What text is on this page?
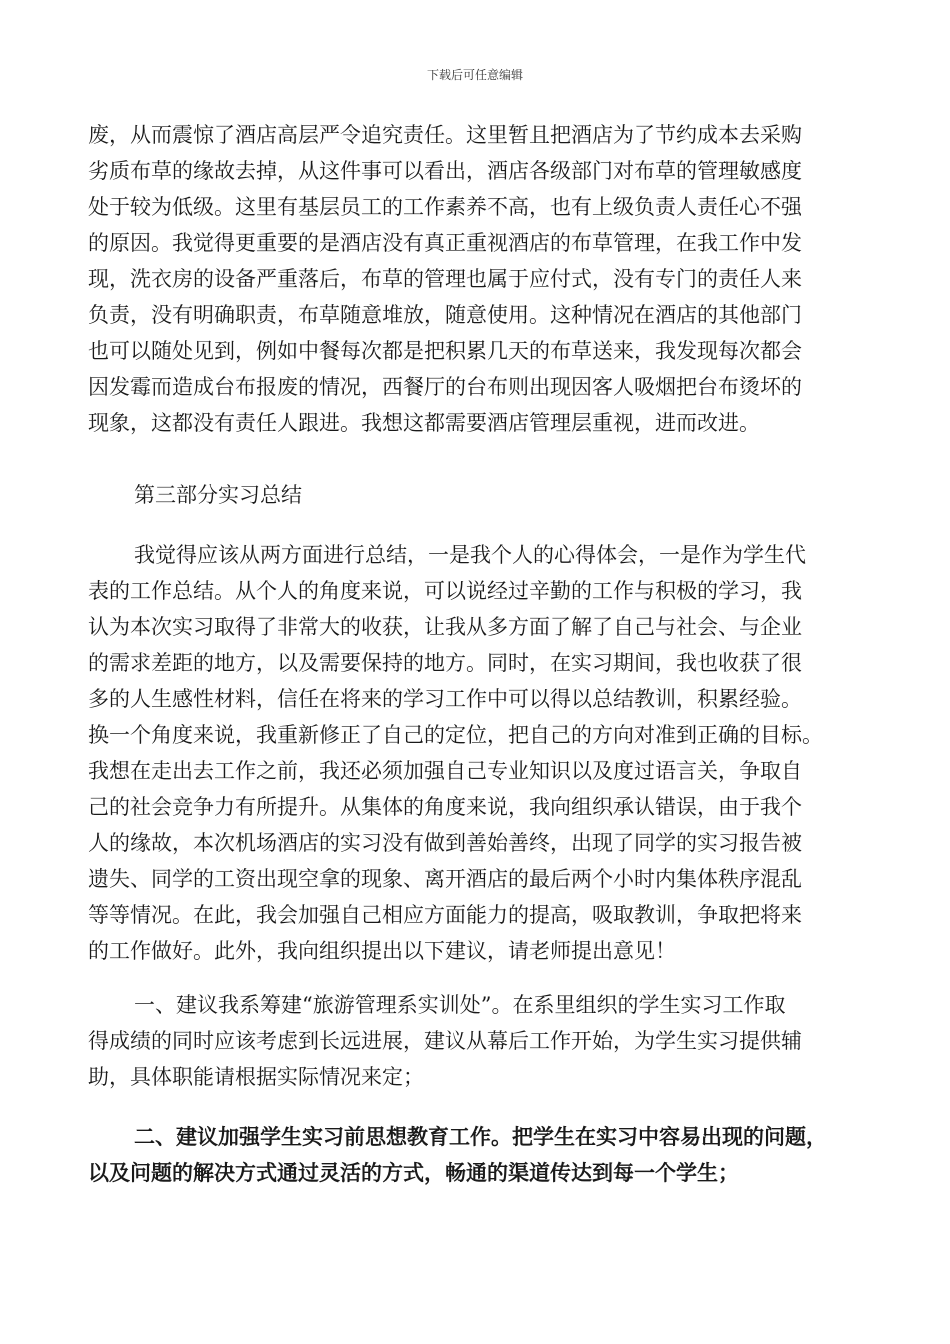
下载后可任意编辑

废，从而震惊了酒店高层严令追究责任。这里暂且把酒店为了节约成本去采购

劣质布草的缘故去掉，从这件事可以看出，酒店各级部门对布草的管理敏感度

处于较为低级。这里有基层员工的工作素养不高，也有上级负责人责任心不强

的原因。我觉得更重要的是酒店没有真正重视酒店的布草管理，在我工作中发

现，洗衣房的设备严重落后，布草的管理也属于应付式，没有专门的责任人来

负责，没有明确职责，布草随意堆放，随意使用。这种情况在酒店的其他部门

也可以随处见到，例如中餐每次都是把积累几天的布草送来，我发现每次都会

因发霉而造成台布报废的情况，西餐厅的台布则出现因客人吸烟把台布烫坏的

现象，这都没有责任人跟进。我想这都需要酒店管理层重视，进而改进。

第三部分实习总结

我觉得应该从两方面进行总结，一是我个人的心得体会，一是作为学生代

表的工作总结。从个人的角度来说，可以说经过辛勤的工作与积极的学习，我

认为本次实习取得了非常大的收获，让我从多方面了解了自己与社会、与企业

的需求差距的地方，以及需要保持的地方。同时，在实习期间，我也收获了很

多的人生感性材料，信任在将来的学习工作中可以得以总结教训，积累经验。

换一个角度来说，我重新修正了自己的定位，把自己的方向对准到正确的目标。

我想在走出去工作之前，我还必须加强自己专业知识以及度过语言关，争取自

己的社会竞争力有所提升。从集体的角度来说，我向组织承认错误，由于我个

人的缘故，本次机场酒店的实习没有做到善始善终，出现了同学的实习报告被

遗失、同学的工资出现空拿的现象、离开酒店的最后两个小时内集体秩序混乱

等等情况。在此，我会加强自己相应方面能力的提高，吸取教训，争取把将来

的工作做好。此外，我向组织提出以下建议，请老师提出意见！

一、建议我系筹建“旅游管理系实训处”。在系里组织的学生实习工作取

得成绩的同时应该考虑到长远进展，建议从幕后工作开始，为学生实习提供辅

助，具体职能请根据实际情况来定；

二、建议加强学生实习前思想教育工作。把学生在实习中容易出现的问题，

以及问题的解决方式通过灵活的方式，畅通的渠道传达到每一个学生；
